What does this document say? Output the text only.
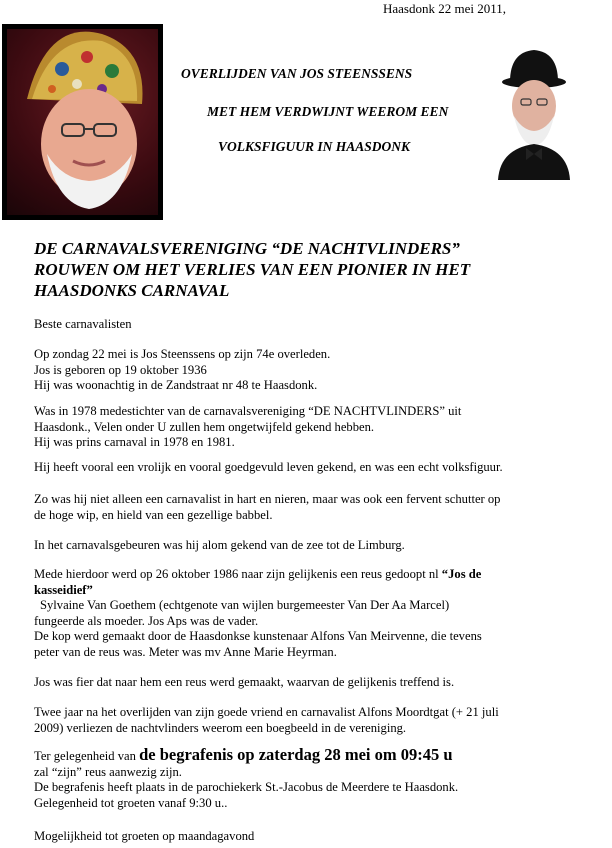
Haasdonk 22 mei 2011,
OVERLIJDEN VAN JOS STEENSSENS
MET HEM VERDWIJNT WEEROM EEN
VOLKSFIGUUR IN HAASDONK
DE CARNAVALSVERENIGING “DE NACHTVLINDERS”
ROUWEN OM HET VERLIES VAN EEN PIONIER IN HET
HAASDONKS CARNAVAL
Beste carnavalisten
Op zondag 22 mei is Jos Steenssens op zijn 74e overleden.
Jos is geboren op 19 oktober 1936
Hij was woonachtig in de Zandstraat nr 48 te Haasdonk.
Was in 1978 medestichter van de carnavalsvereniging “DE NACHTVLINDERS” uit
Haasdonk., Velen onder U zullen hem ongetwijfeld gekend hebben.
Hij was prins carnaval in 1978 en 1981.
Hij heeft vooral een vrolijk en vooral goedgevuld leven gekend, en was een echt volksfiguur.
Zo was hij niet alleen een carnavalist in hart en nieren, maar was ook een fervent schutter op
de hoge wip, en hield van een gezellige babbel.
In het carnavalsgebeuren was hij alom gekend van de zee tot de Limburg.
Mede hierdoor werd op 26 oktober 1986 naar zijn gelijkenis een reus gedoopt nl “Jos de
kasseidief”
Sylvaine Van Goethem (echtgenote van wijlen burgemeester Van Der Aa Marcel)
fungeerde als moeder. Jos Aps was de vader.
De kop werd gemaakt door de Haasdonkse kunstenaar Alfons Van Meirvenne, die tevens
peter van de reus was. Meter was mv Anne Marie Heyrman.
Jos was fier dat naar hem een reus werd gemaakt, waarvan de gelijkenis treffend is.
Twee jaar na het overlijden van zijn goede vriend en carnavalist Alfons Moordtgat (+ 21 juli
2009) verliezen de nachtvlinders weerom een boegbeeld in de vereniging.
Ter gelegenheid van de begrafenis op zaterdag 28 mei om 09:45 u
zal “zijn” reus aanwezig zijn.
De begrafenis heeft plaats in de parochiekerk St.-Jacobus de Meerdere te Haasdonk.
Gelegenheid tot groeten vanaf 9:30 u..
Mogelijkheid tot groeten op maandagavond
